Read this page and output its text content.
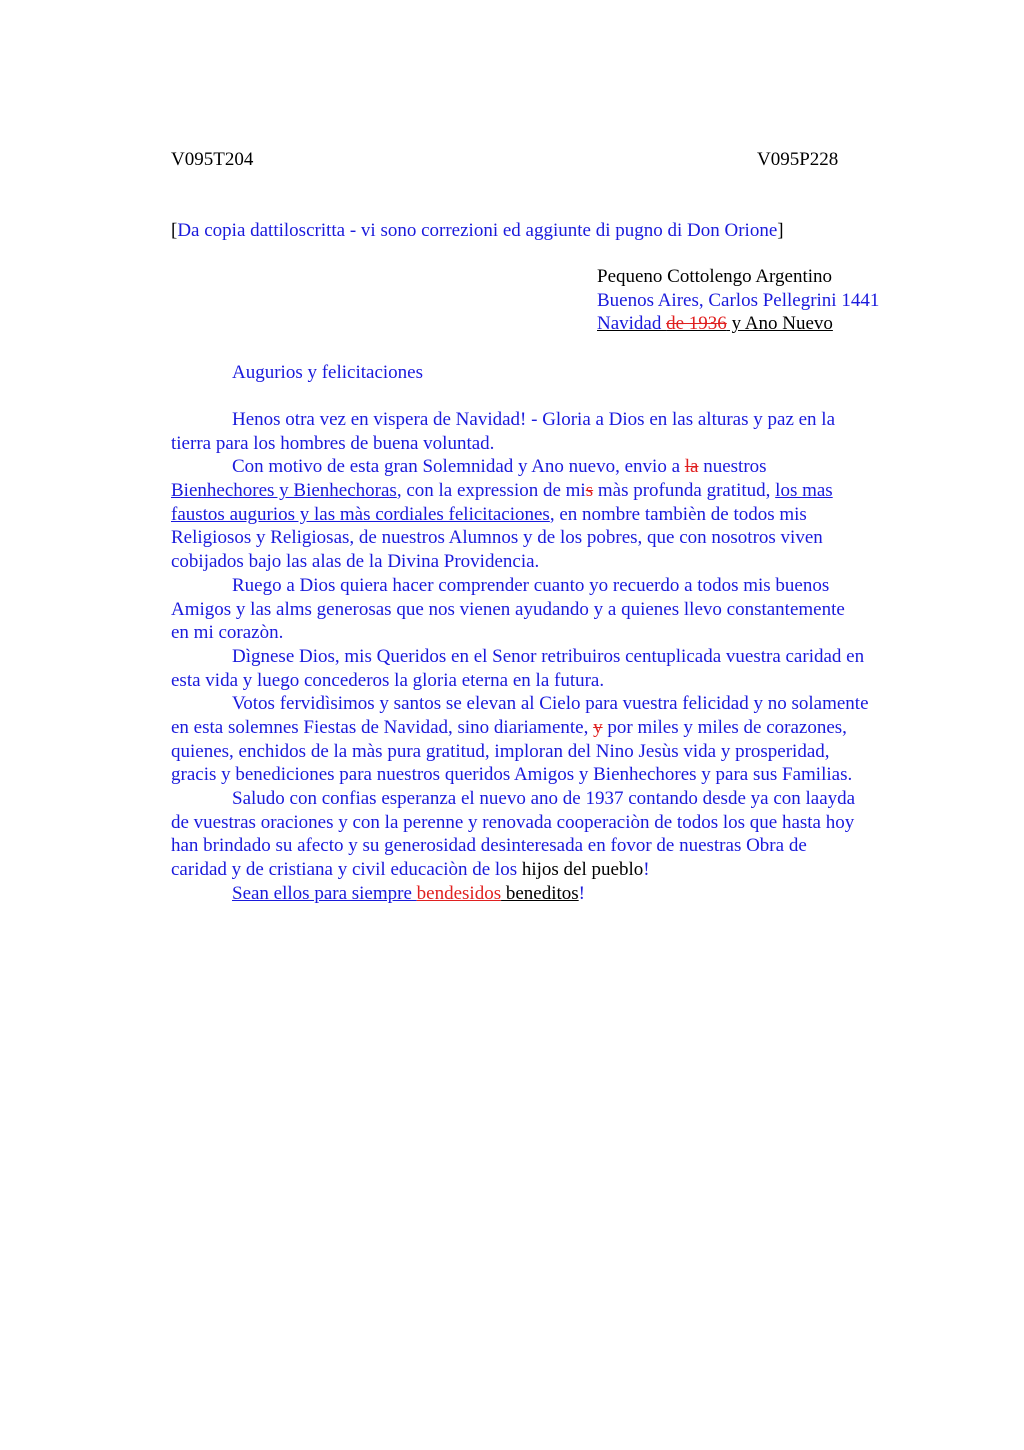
V095T204	V095P228
[Da copia dattiloscritta - vi sono correzioni ed aggiunte di pugno di Don Orione]
Pequeno Cottolengo Argentino
Buenos Aires, Carlos Pellegrini 1441
Navidad de 1936 y Ano Nuevo
Augurios y felicitaciones
Henos otra vez en vispera de Navidad! - Gloria a Dios en las alturas y paz en la
tierra para los hombres de buena voluntad.
Con motivo de esta gran Solemnidad y Ano nuevo, envio a la nuestros
Bienhechores y Bienhechoras, con la expression de mis màs profunda gratitud, los mas
faustos augurios y las màs cordiales felicitaciones, en nombre tambièn de todos mis
Religiosos y Religiosas, de nuestros Alumnos y de los pobres, que con nosotros viven
cobijados bajo las alas de la Divina Providencia.
Ruego a Dios quiera hacer comprender cuanto yo recuerdo a todos mis buenos
Amigos y las alms generosas que nos vienen ayudando y a quienes llevo constantemente
en mi corazòn.
Dìgnese Dios, mis Queridos en el Senor retribuiros centuplicada vuestra caridad en
esta vida y luego concederos la gloria eterna en la futura.
Votos fervidìsimos y santos se elevan al Cielo para vuestra felicidad y no solamente
en esta solemnes Fiestas de Navidad, sino diariamente, y por miles y miles de corazones,
quienes, enchidos de la màs pura gratitud, imploran del Nino Jesùs vida y prosperidad,
gracis y benediciones para nuestros queridos Amigos y Bienhechores y para sus Familias.
Saludo con confias esperanza el nuevo ano de 1937 contando desde ya con laayda
de vuestras oraciones y con la perenne y renovada cooperaciòn de todos los que hasta hoy
han brindado su afecto y su generosidad desinteresada en fovor de nuestras Obra de
caridad y de cristiana y civil educaciòn de los hijos del pueblo!
Sean ellos para siempre bendesidos beneditos!
